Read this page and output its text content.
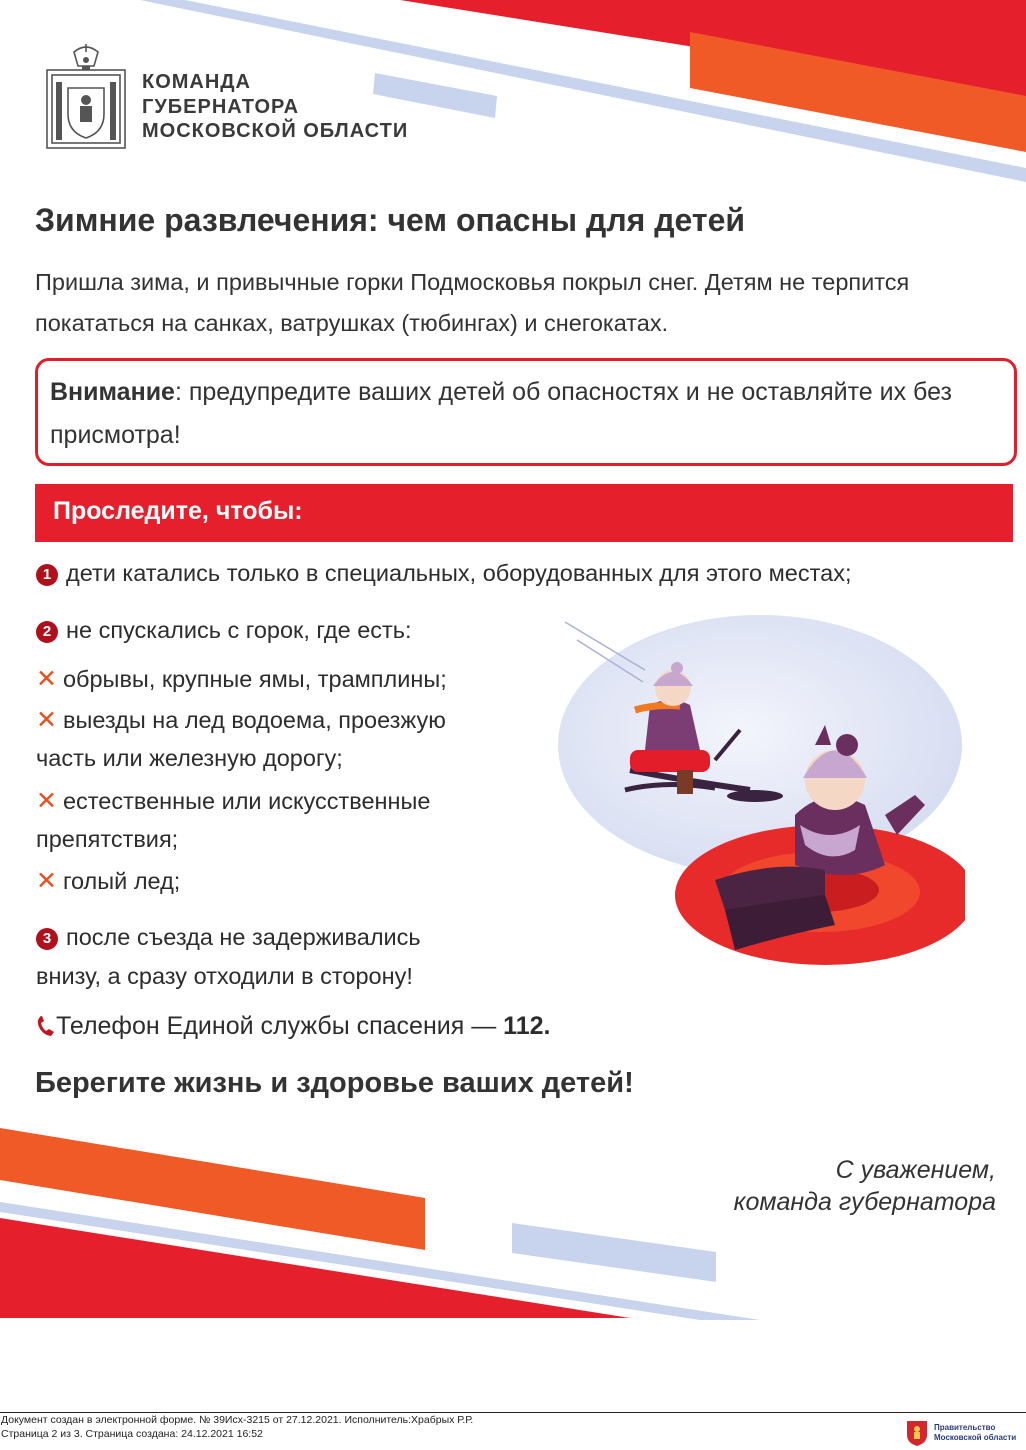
КОМАНДА
ГУБЕРНАТОРА
МОСКОВСКОЙ ОБЛАСТИ
Зимние развлечения: чем опасны для детей
Пришла зима, и привычные горки Подмосковья покрыл снег. Детям не терпится покататься на санках, ватрушках (тюбингах) и снегокатах.
Внимание: предупредите ваших детей об опасностях и не оставляйте их без присмотра!
Проследите, чтобы:
1 дети катались только в специальных, оборудованных для этого местах;
2 не спускались с горок, где есть:
✕ обрывы, крупные ямы, трамплины;
✕ выезды на лед водоема, проезжую
часть или железную дорогу;
✕ естественные или искусственные
препятствия;
✕ голый лед;
3 после съезда не задерживались
внизу, а сразу отходили в сторону!
Телефон Единой службы спасения — 112.
Берегите жизнь и здоровье ваших детей!
С уважением,
команда губернатора
Документ создан в электронной форме. № 39Исх-3215 от 27.12.2021. Исполнитель:Храбрых Р.Р.
Страница 2 из 3. Страница создана: 24.12.2021 16:52	Правительство
Московской области
